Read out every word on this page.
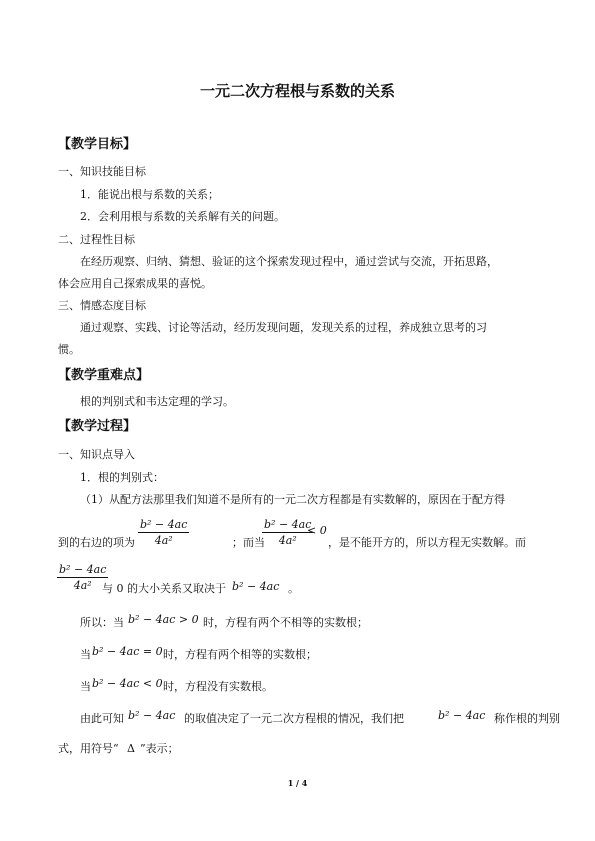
一元二次方程根与系数的关系
【教学目标】
一、知识技能目标
1．能说出根与系数的关系；
2．会利用根与系数的关系解有关的问题。
二、过程性目标
在经历观察、归纳、猜想、验证的这个探索发现过程中，通过尝试与交流，开拓思路，
体会应用自己探索成果的喜悦。
三、情感态度目标
通过观察、实践、讨论等活动，经历发现问题，发现关系的过程，养成独立思考的习
惯。
【教学重难点】
根的判别式和韦达定理的学习。
【教学过程】
一、知识点导入
1．根的判别式：
（1）从配方法那里我们知道不是所有的一元二次方程都是有实数解的，原因在于配方得
到的右边的项为 $\frac{\text{b² − 4ac}}{\text{4a²}}$	；而当
$\frac{\text{b² − 4ac}}{\text{4a²}}$
< 0
，是不能开方的，所以方程无实数解。而
$\frac{\text{b² − 4ac}}{\text{4a²}}$
与 0 的大小关系又取决于 b² − 4ac 。
所以：当 b² − 4ac > 0 时，方程有两个不相等的实数根；
当 b² − 4ac = 0 时，方程有两个相等的实数根；
当 b² − 4ac < 0 时，方程没有实数根。
由此可知 b² − 4ac 的取值决定了一元二次方程根的情况，我们把	b² − 4ac 称作根的判别
式，用符号“ Δ ”表示；
1 / 4
